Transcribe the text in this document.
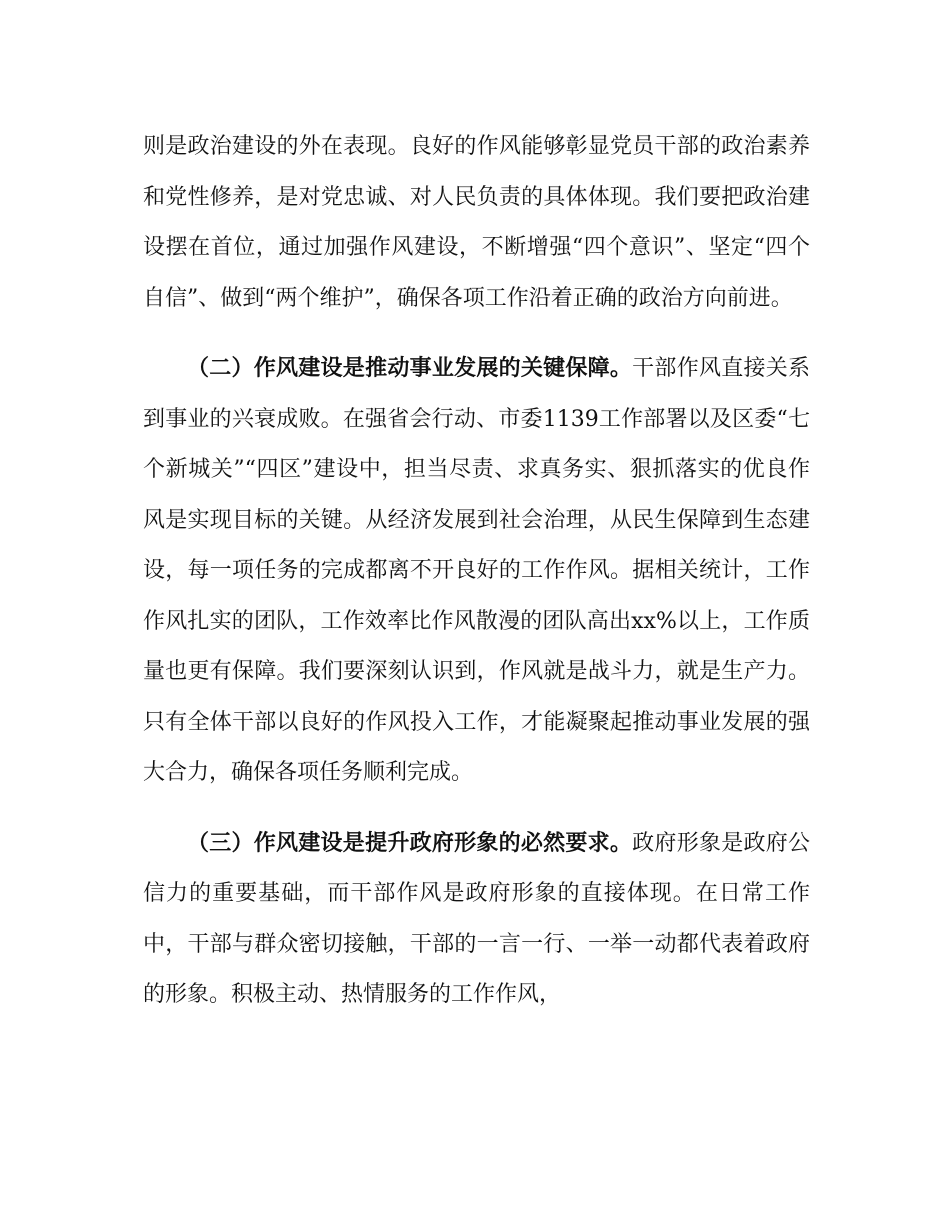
则是政治建设的外在表现。良好的作风能够彰显党员干部的政治素养和党性修养，是对党忠诚、对人民负责的具体体现。我们要把政治建设摆在首位，通过加强作风建设，不断增强“四个意识”、坚定“四个自信”、做到“两个维护”，确保各项工作沿着正确的政治方向前进。

（二）作风建设是推动事业发展的关键保障。干部作风直接关系到事业的兴衰成败。在强省会行动、市委1139工作部署以及区委“七个新城关”“四区”建设中，担当尽责、求真务实、狠抓落实的优良作风是实现目标的关键。从经济发展到社会治理，从民生保障到生态建设，每一项任务的完成都离不开良好的工作作风。据相关统计，工作作风扎实的团队，工作效率比作风散漫的团队高出xx%以上，工作质量也更有保障。我们要深刻认识到，作风就是战斗力，就是生产力。只有全体干部以良好的作风投入工作，才能凝聚起推动事业发展的强大合力，确保各项任务顺利完成。

（三）作风建设是提升政府形象的必然要求。政府形象是政府公信力的重要基础，而干部作风是政府形象的直接体现。在日常工作中，干部与群众密切接触，干部的一言一行、一举一动都代表着政府的形象。积极主动、热情服务的工作作风，
